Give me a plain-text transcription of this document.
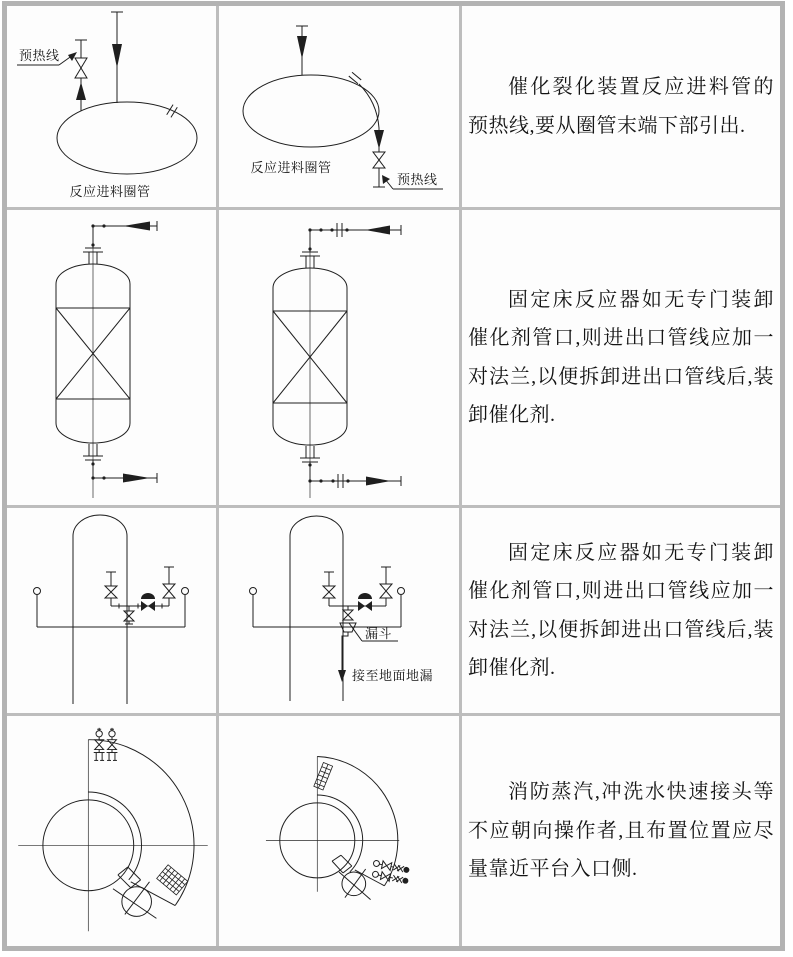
预热线
反应进料圈管
预热线
反应进料圈管

催化裂化装置反应进料管的预热线,要从圈管末端下部引出.

固定床反应器如无专门装卸催化剂管口,则进出口管线应加一对法兰,以便拆卸进出口管线后,装卸催化剂.

漏斗
接至地面地漏

固定床反应器如无专门装卸催化剂管口,则进出口管线应加一对法兰,以便拆卸进出口管线后,装卸催化剂.

消防蒸汽,冲洗水快速接头等不应朝向操作者,且布置位置应尽量靠近平台入口侧.
